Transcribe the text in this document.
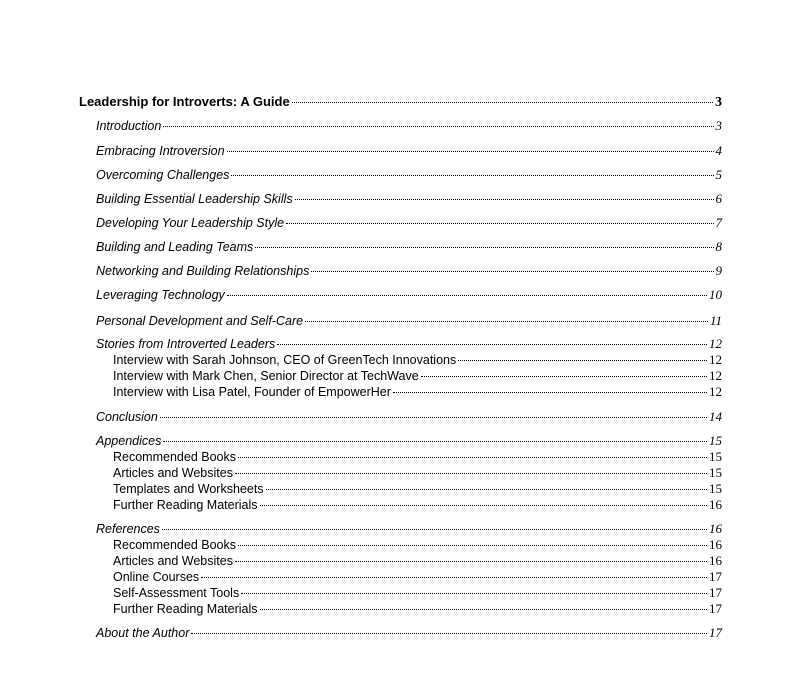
Leadership for Introverts: A Guide	3
Introduction	3
Embracing Introversion	4
Overcoming Challenges	5
Building Essential Leadership Skills	6
Developing Your Leadership Style	7
Building and Leading Teams	8
Networking and Building Relationships	9
Leveraging Technology	10
Personal Development and Self-Care	11
Stories from Introverted Leaders	12
Interview with Sarah Johnson, CEO of GreenTech Innovations	12
Interview with Mark Chen, Senior Director at TechWave	12
Interview with Lisa Patel, Founder of EmpowerHer	12
Conclusion	14
Appendices	15
Recommended Books	15
Articles and Websites	15
Templates and Worksheets	15
Further Reading Materials	16
References	16
Recommended Books	16
Articles and Websites	16
Online Courses	17
Self-Assessment Tools	17
Further Reading Materials	17
About the Author	17
